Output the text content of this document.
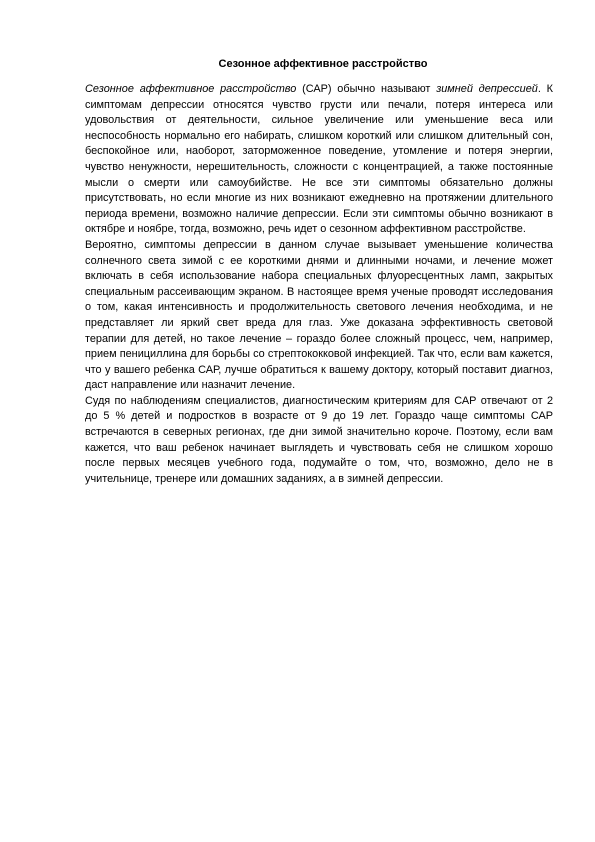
Сезонное аффективное расстройство

Сезонное аффективное расстройство (САР) обычно называют зимней депрессией. К симптомам депрессии относятся чувство грусти или печали, потеря интереса или удовольствия от деятельности, сильное увеличение или уменьшение веса или неспособность нормально его набирать, слишком короткий или слишком длительный сон, беспокойное или, наоборот, заторможенное поведение, утомление и потеря энергии, чувство ненужности, нерешительность, сложности с концентрацией, а также постоянные мысли о смерти или самоубийстве. Не все эти симптомы обязательно должны присутствовать, но если многие из них возникают ежедневно на протяжении длительного периода времени, возможно наличие депрессии. Если эти симптомы обычно возникают в октябре и ноябре, тогда, возможно, речь идет о сезонном аффективном расстройстве.

Вероятно, симптомы депрессии в данном случае вызывает уменьшение количества солнечного света зимой с ее короткими днями и длинными ночами, и лечение может включать в себя использование набора специальных флуоресцентных ламп, закрытых специальным рассеивающим экраном. В настоящее время ученые проводят исследования о том, какая интенсивность и продолжительность светового лечения необходима, и не представляет ли яркий свет вреда для глаз. Уже доказана эффективность световой терапии для детей, но такое лечение – гораздо более сложный процесс, чем, например, прием пенициллина для борьбы со стрептококковой инфекцией. Так что, если вам кажется, что у вашего ребенка САР, лучше обратиться к вашему доктору, который поставит диагноз, даст направление или назначит лечение.

Судя по наблюдениям специалистов, диагностическим критериям для САР отвечают от 2 до 5 % детей и подростков в возрасте от 9 до 19 лет. Гораздо чаще симптомы САР встречаются в северных регионах, где дни зимой значительно короче. Поэтому, если вам кажется, что ваш ребенок начинает выглядеть и чувствовать себя не слишком хорошо после первых месяцев учебного года, подумайте о том, что, возможно, дело не в учительнице, тренере или домашних заданиях, а в зимней депрессии.
